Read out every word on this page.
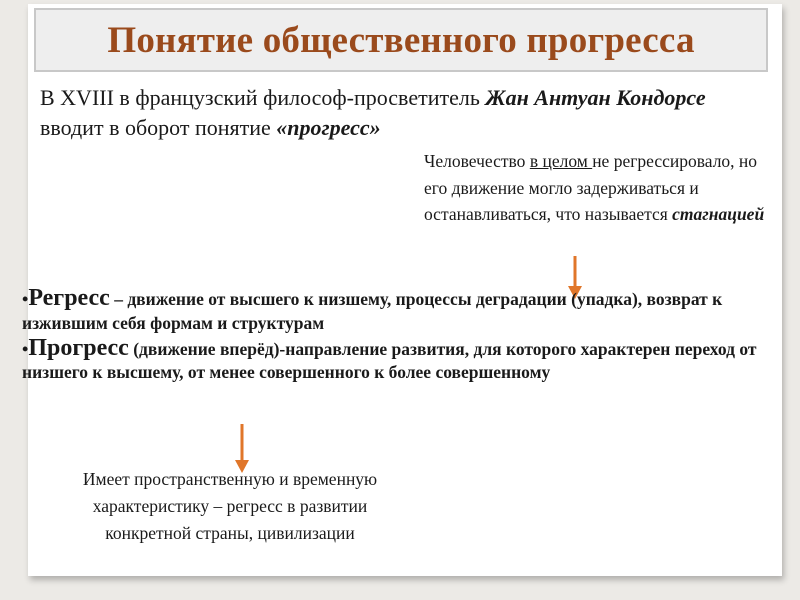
Понятие общественного прогресса
В XVIII в французский философ-просветитель Жан Антуан Кондорсе вводит в оборот понятие «прогресс»
Человечество в целом не регрессировало, но его движение могло задерживаться и останавливаться, что называется стагнацией
•Регресс – движение от высшего к низшему, процессы деградации (упадка), возврат к изжившим себя формам и структурам
•Прогресс (движение вперёд)-направление развития, для которого характерен переход от низшего к высшему, от менее совершенного к более совершенному
Имеет пространственную и временную характеристику – регресс в развитии конкретной страны, цивилизации
